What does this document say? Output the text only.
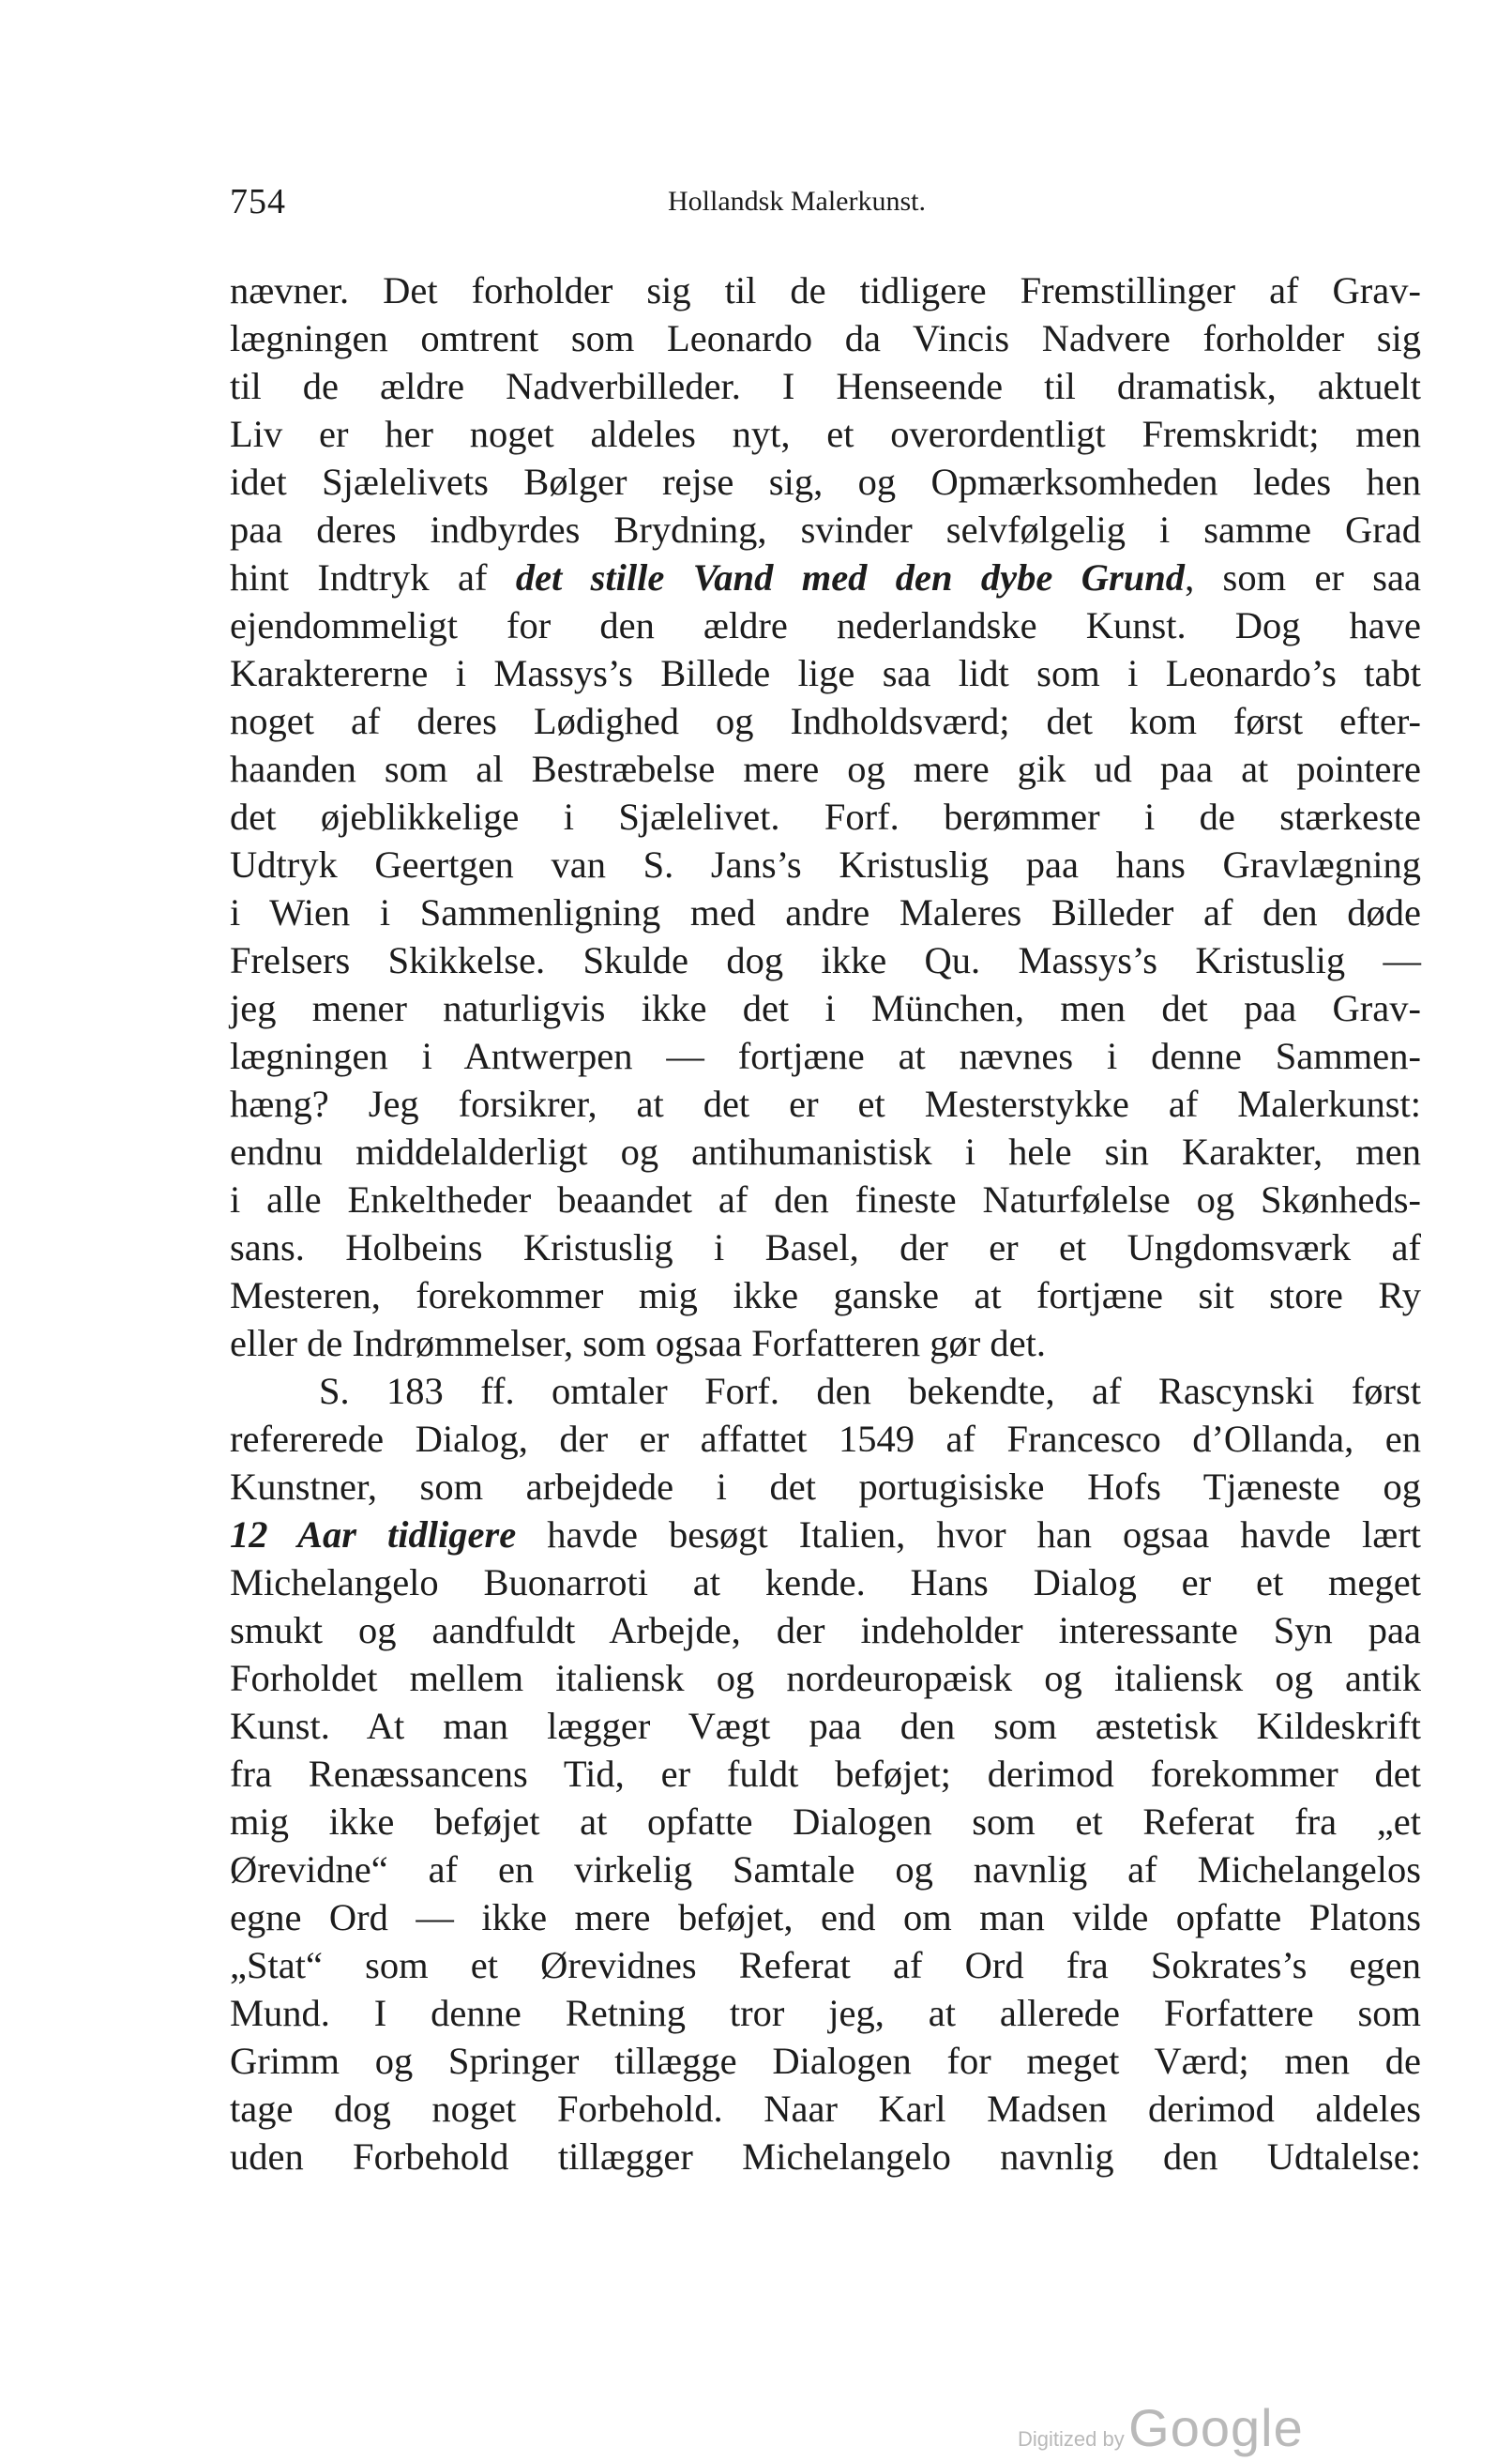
754	Hollandsk Malerkunst.
nævner. Det forholder sig til de tidligere Fremstillinger af Grav-
lægningen omtrent som Leonardo da Vincis Nadvere forholder sig
til de ældre Nadverbilleder. I Henseende til dramatisk, aktuelt
Liv er her noget aldeles nyt, et overordentligt Fremskridt; men
idet Sjælelivets Bølger rejse sig, og Opmærksomheden ledes hen
paa deres indbyrdes Brydning, svinder selvfølgelig i samme Grad
hint Indtryk af det stille Vand med den dybe Grund, som er saa
ejendommeligt for den ældre nederlandske Kunst. Dog have
Karaktererne i Massys’s Billede lige saa lidt som i Leonardo’s tabt
noget af deres Lødighed og Indholdsværd; det kom først efter-
haanden som al Bestræbelse mere og mere gik ud paa at pointere
det øjeblikkelige i Sjælelivet. Forf. berømmer i de stærkeste
Udtryk Geertgen van S. Jans’s Kristuslig paa hans Gravlægning
i Wien i Sammenligning med andre Maleres Billeder af den døde
Frelsers Skikkelse. Skulde dog ikke Qu. Massys’s Kristuslig —
jeg mener naturligvis ikke det i München, men det paa Grav-
lægningen i Antwerpen — fortjæne at nævnes i denne Sammen-
hæng? Jeg forsikrer, at det er et Mesterstykke af Malerkunst:
endnu middelalderligt og antihumanistisk i hele sin Karakter, men
i alle Enkeltheder beaandet af den fineste Naturfølelse og Skønheds-
sans. Holbeins Kristuslig i Basel, der er et Ungdomsværk af
Mesteren, forekommer mig ikke ganske at fortjæne sit store Ry
eller de Indrømmelser, som ogsaa Forfatteren gør det.
S. 183 ff. omtaler Forf. den bekendte, af Rascynski først
refererede Dialog, der er affattet 1549 af Francesco d’Ollanda, en
Kunstner, som arbejdede i det portugisiske Hofs Tjæneste og
12 Aar tidligere havde besøgt Italien, hvor han ogsaa havde lært
Michelangelo Buonarroti at kende. Hans Dialog er et meget
smukt og aandfuldt Arbejde, der indeholder interessante Syn paa
Forholdet mellem italiensk og nordeuropæisk og italiensk og antik
Kunst. At man lægger Vægt paa den som æstetisk Kildeskrift
fra Renæssancens Tid, er fuldt beføjet; derimod forekommer det
mig ikke beføjet at opfatte Dialogen som et Referat fra „et
Ørevidne“ af en virkelig Samtale og navnlig af Michelangelos
egne Ord — ikke mere beføjet, end om man vilde opfatte Platons
„Stat“ som et Ørevidnes Referat af Ord fra Sokrates’s egen
Mund. I denne Retning tror jeg, at allerede Forfattere som
Grimm og Springer tillægge Dialogen for meget Værd; men de
tage dog noget Forbehold. Naar Karl Madsen derimod aldeles
uden Forbehold tillægger Michelangelo navnlig den Udtalelse:
Digitized by Google
